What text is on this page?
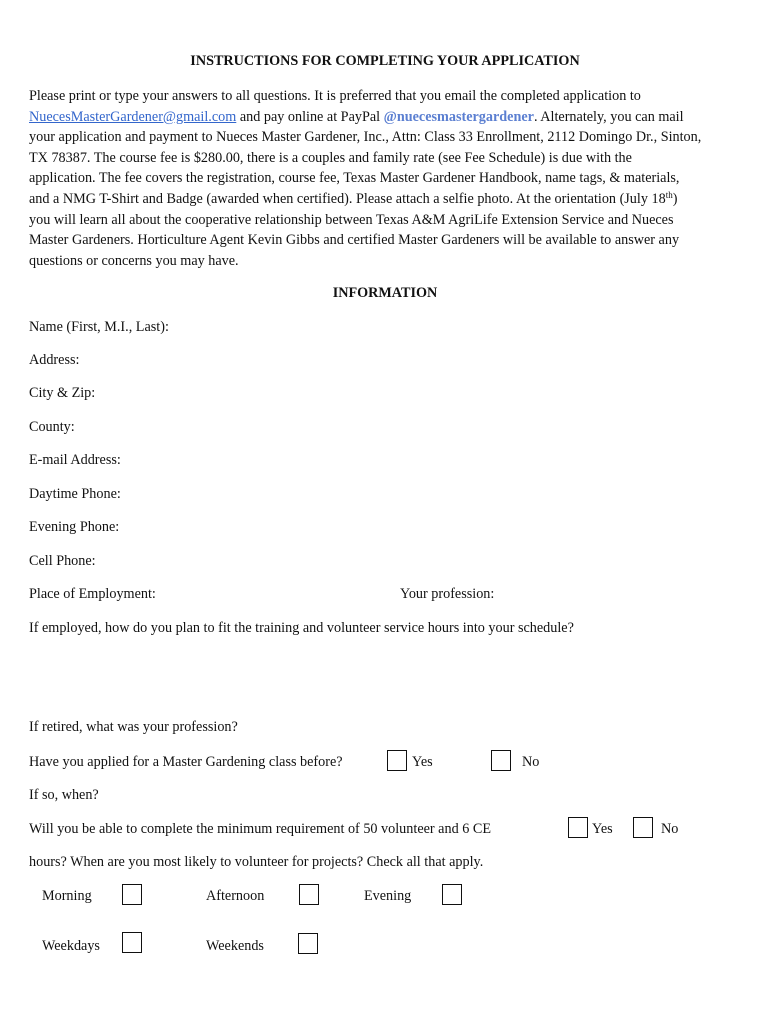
INSTRUCTIONS FOR COMPLETING YOUR APPLICATION
Please print or type your answers to all questions. It is preferred that you email the completed application to
NuecesMasterGardener@gmail.com and pay online at PayPal @nuecesmastergardener. Alternately, you can mail
your application and payment to Nueces Master Gardener, Inc., Attn: Class 33 Enrollment, 2112 Domingo Dr., Sinton,
TX 78387. The course fee is $280.00, there is a couples and family rate (see Fee Schedule) is due with the
application. The fee covers the registration, course fee, Texas Master Gardener Handbook, name tags, & materials,
and a NMG T-Shirt and Badge (awarded when certified). Please attach a selfie photo. At the orientation (July 18th)
you will learn all about the cooperative relationship between Texas A&M AgriLife Extension Service and Nueces
Master Gardeners. Horticulture Agent Kevin Gibbs and certified Master Gardeners will be available to answer any
questions or concerns you may have.
INFORMATION
Name (First, M.I., Last):
Address:
City & Zip:
County:
E-mail Address:
Daytime Phone:
Evening Phone:
Cell Phone:
Place of Employment:	Your profession:
If employed, how do you plan to fit the training and volunteer service hours into your schedule?
If retired, what was your profession?
Have you applied for a Master Gardening class before?	Yes	No
If so, when?
Will you be able to complete the minimum requirement of 50 volunteer and 6 CE	Yes	No
hours? When are you most likely to volunteer for projects? Check all that apply.
Morning	Afternoon	Evening
Weekdays	Weekends
